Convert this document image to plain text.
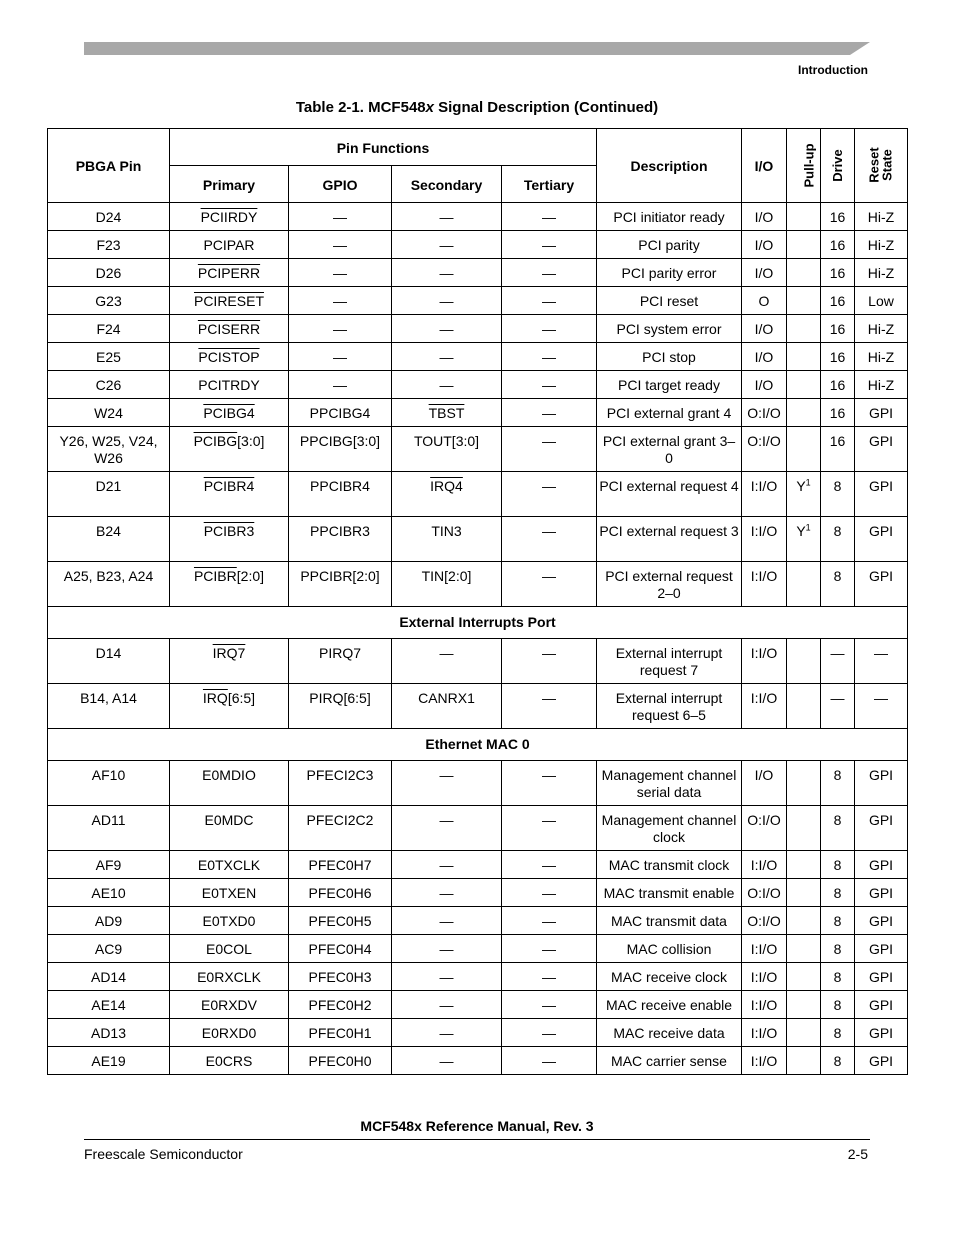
Introduction
Table 2-1. MCF548x Signal Description (Continued)
PBGA Pin	Pin Functions				Description	I/O	Pull-up	Drive	Reset
State
	Primary	GPIO	Secondary	Tertiary					
D24	PCIIRDY	—	—	—	PCI initiator ready	I/O		16	Hi-Z
F23	PCIPAR	—	—	—	PCI parity	I/O		16	Hi-Z
D26	PCIPERR	—	—	—	PCI parity error	I/O		16	Hi-Z
G23	PCIRESET	—	—	—	PCI reset	O		16	Low
F24	PCISERR	—	—	—	PCI system error	I/O		16	Hi-Z
E25	PCISTOP	—	—	—	PCI stop	I/O		16	Hi-Z
C26	PCITRDY	—	—	—	PCI target ready	I/O		16	Hi-Z
W24	PCIBG4	PPCIBG4	TBST	—	PCI external grant 4	O:I/O		16	GPI
Y26, W25, V24, W26	PCIBG[3:0]	PPCIBG[3:0]	TOUT[3:0]	—	PCI external grant 3–0	O:I/O		16	GPI
D21	PCIBR4	PPCIBR4	IRQ4	—	PCI external request 4	I:I/O	$Y^1$	8	GPI
B24	PCIBR3	PPCIBR3	TIN3	—	PCI external request 3	I:I/O	$Y^1$	8	GPI
A25, B23, A24	PCIBR[2:0]	PPCIBR[2:0]	TIN[2:0]	—	PCI external request 2–0	I:I/O		8	GPI
External Interrupts Port									
D14	IRQ7	PIRQ7	—	—	External interrupt request 7	I:I/O		—	—
B14, A14	$\overline{IRQ}[6:5]$	PIRQ[6:5]	CANRX1	—	External interrupt request 6–5	I:I/O		—	—
Ethernet MAC 0									
AF10	E0MDIO	PFECI2C3	—	—	Management channel serial data	I/O		8	GPI
AD11	E0MDC	PFECI2C2	—	—	Management channel clock	O:I/O		8	GPI
AF9	E0TXCLK	PFEC0H7	—	—	MAC transmit clock	I:I/O		8	GPI
AE10	E0TXEN	PFEC0H6	—	—	MAC transmit enable	O:I/O		8	GPI
AD9	E0TXD0	PFEC0H5	—	—	MAC transmit data	O:I/O		8	GPI
AC9	E0COL	PFEC0H4	—	—	MAC collision	I:I/O		8	GPI
AD14	E0RXCLK	PFEC0H3	—	—	MAC receive clock	I:I/O		8	GPI
AE14	E0RXDV	PFEC0H2	—	—	MAC receive enable	I:I/O		8	GPI
AD13	E0RXD0	PFEC0H1	—	—	MAC receive data	I:I/O		8	GPI
AE19	E0CRS	PFEC0H0	—	—	MAC carrier sense	I:I/O		8	GPI
MCF548x Reference Manual, Rev. 3
Freescale Semiconductor	2-5
